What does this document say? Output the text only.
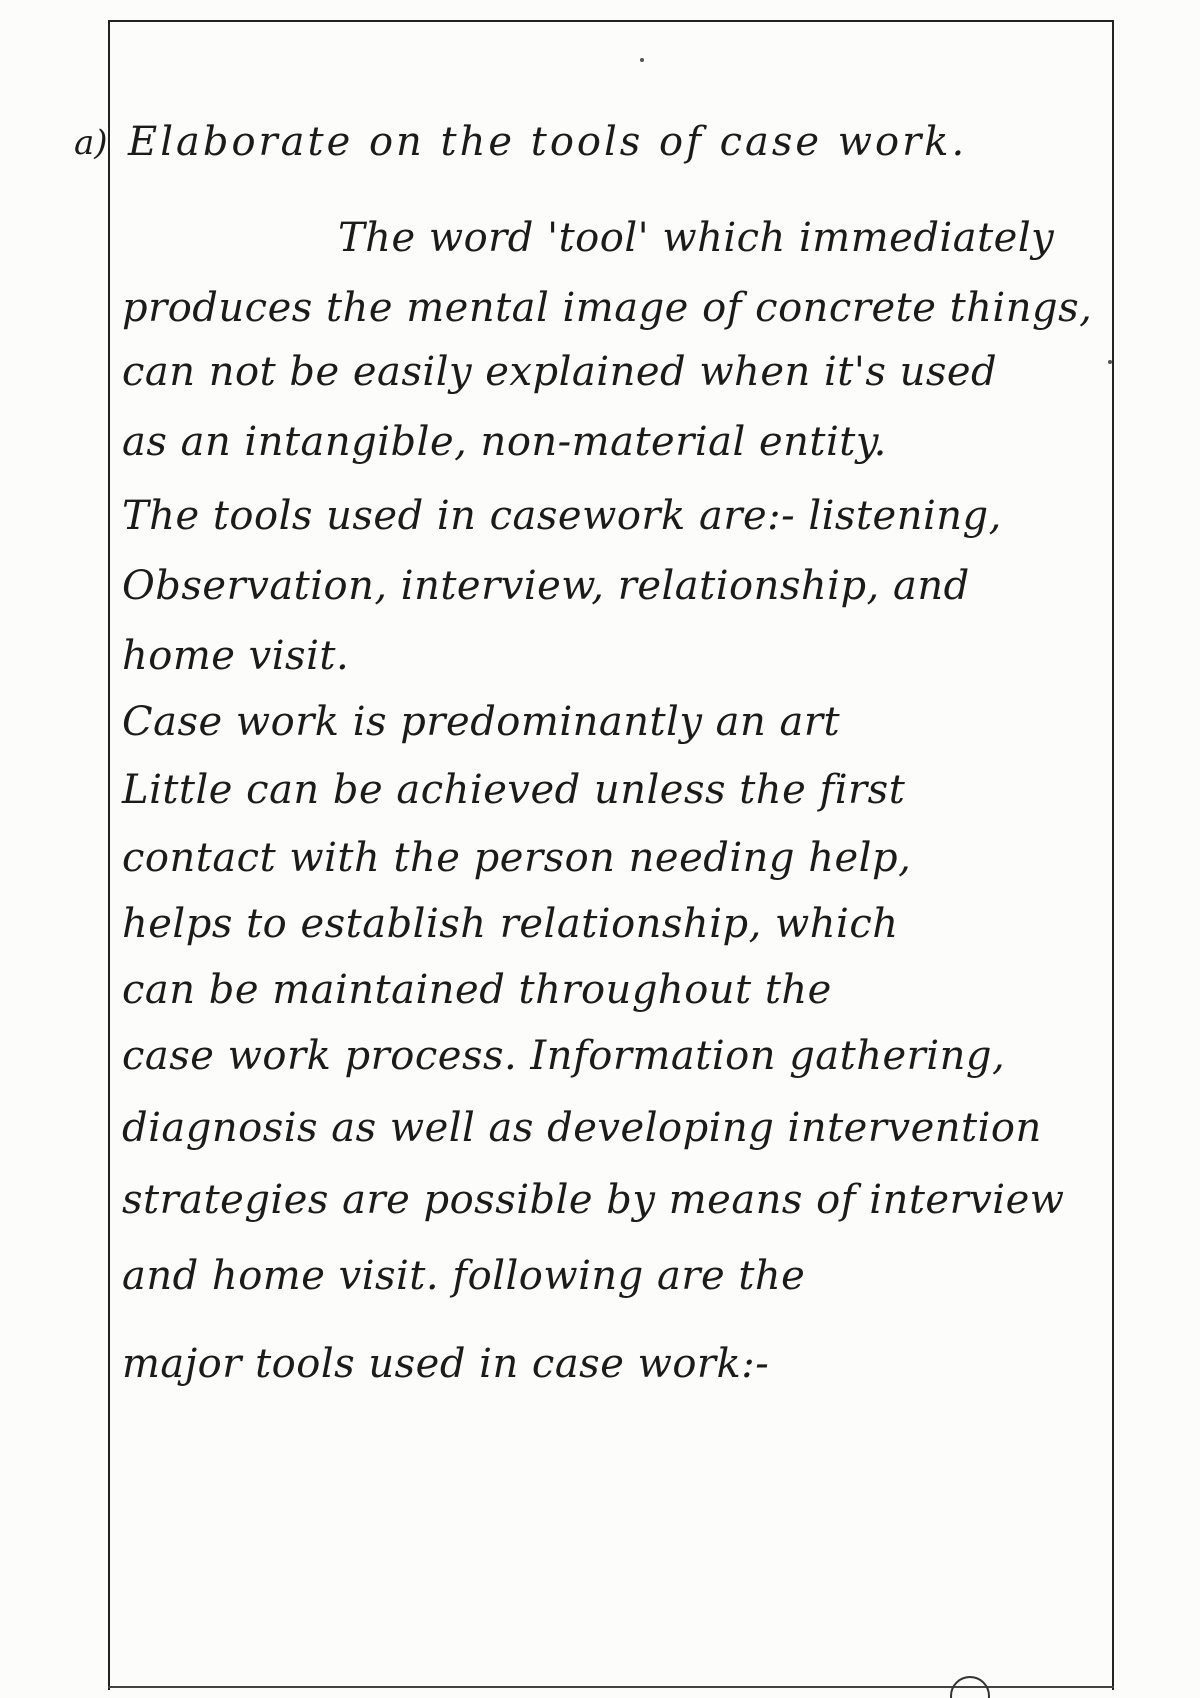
a) Elaborate on the tools of case work.
The word 'tool' which immediately
produces the mental image of concrete things,
can not be easily explained when it's used
as an intangible, non-material entity.
The tools used in casework are:- listening,
Observation, interview, relationship, and
home visit.
Case work is predominantly an art
Little can be achieved unless the first
contact with the person needing help,
helps to establish relationship, which
can be maintained throughout the
case work process. Information gathering,
diagnosis as well as developing intervention
strategies are possible by means of interview
and home visit. following are the
major tools used in case work:-
